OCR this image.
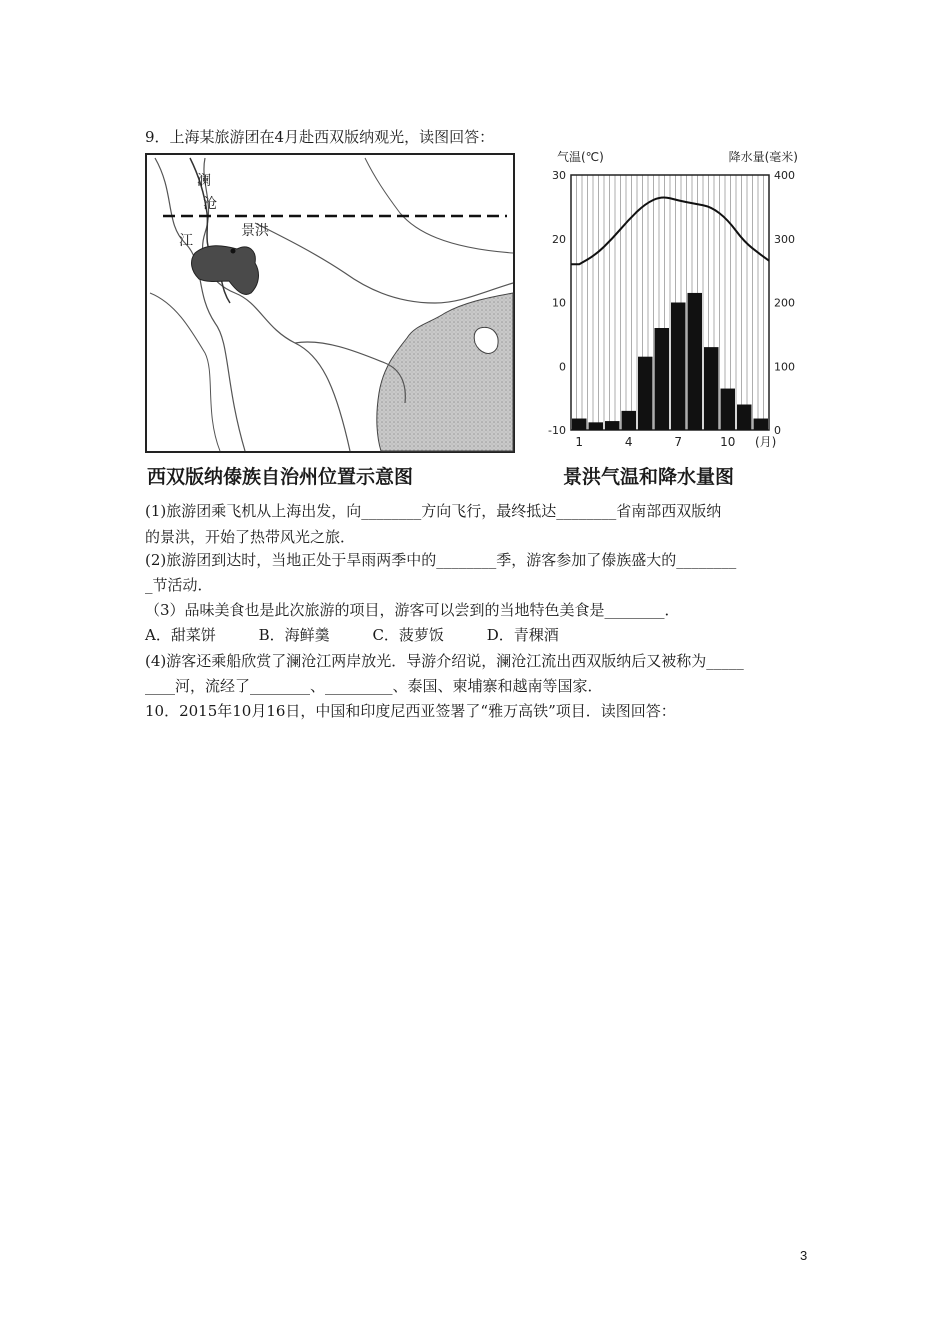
9．上海某旅游团在4月赴西双版纳观光，读图回答：
澜
沧
江
景洪
西双版纳傣族自治州位置示意图
气温(℃)	降水量(毫米)
30
20
10
0
-10
400
300
200
100
0
1	4	7	10 (月)
景洪气温和降水量图
(1)旅游团乘飞机从上海出发，向________方向飞行，最终抵达________省南部西双版纳
的景洪，开始了热带风光之旅．
(2)旅游团到达时，当地正处于旱雨两季中的________季，游客参加了傣族盛大的________
_节活动．
（3）品味美食也是此次旅游的项目，游客可以尝到的当地特色美食是________．
A．甜菜饼	B．海鲜羹	C．菠萝饭	D．青稞酒
(4)游客还乘船欣赏了澜沧江两岸放光．导游介绍说，澜沧江流出西双版纳后又被称为_____
____河，流经了________、_________、泰国、柬埔寨和越南等国家．
10．2015年10月16日，中国和印度尼西亚签署了“雅万高铁”项目．读图回答：
3
